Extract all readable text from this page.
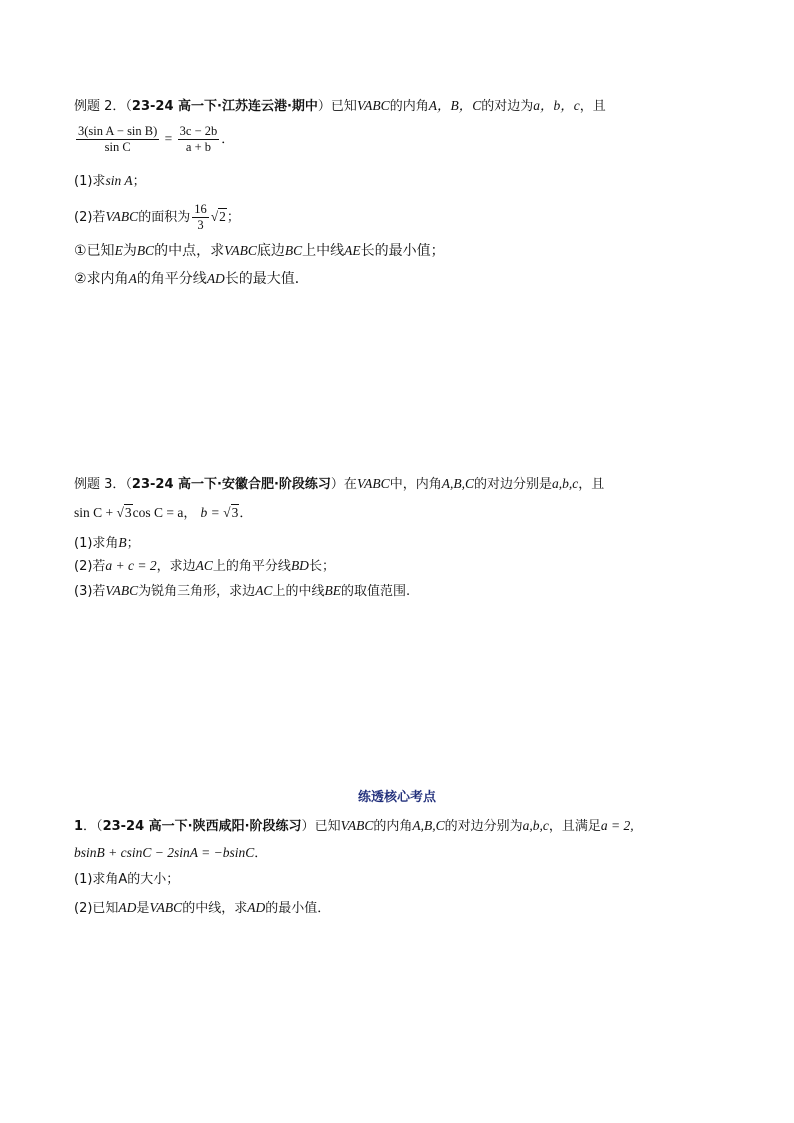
例题 2．（23-24 高一下·江苏连云港·期中）已知VABC的内角A，B，C的对边为a，b，c，且
$\frac{\text{3(sin A − sin B)}}{\text{sin C}} = \frac{3c - 2b}{a + b}$ ．
(1)求sin A；
(2)若VABC的面积为 $\frac{16}{3} √2$；
①已知E为BC的中点，求VABC底边BC上中线AE长的最小值；
②求内角A的角平分线AD长的最大值．
例题 3．（23-24 高一下·安徽合肥·阶段练习）在VABC中，内角A,B,C的对边分别是a,b,c，且
sin C + √3cos C = a， b = √3．
(1)求角B；
(2)若a + c = 2，求边AC上的角平分线BD长；
(3)若VABC为锐角三角形，求边AC上的中线BE的取值范围.
练透核心考点
1．（23-24 高一下·陕西咸阳·阶段练习）已知VABC的内角A,B,C的对边分别为a,b,c，且满足a = 2,
bsinB + csinC − 2sinA = −bsinC．
(1)求角A的大小；
(2)已知AD是VABC的中线，求AD的最小值．
